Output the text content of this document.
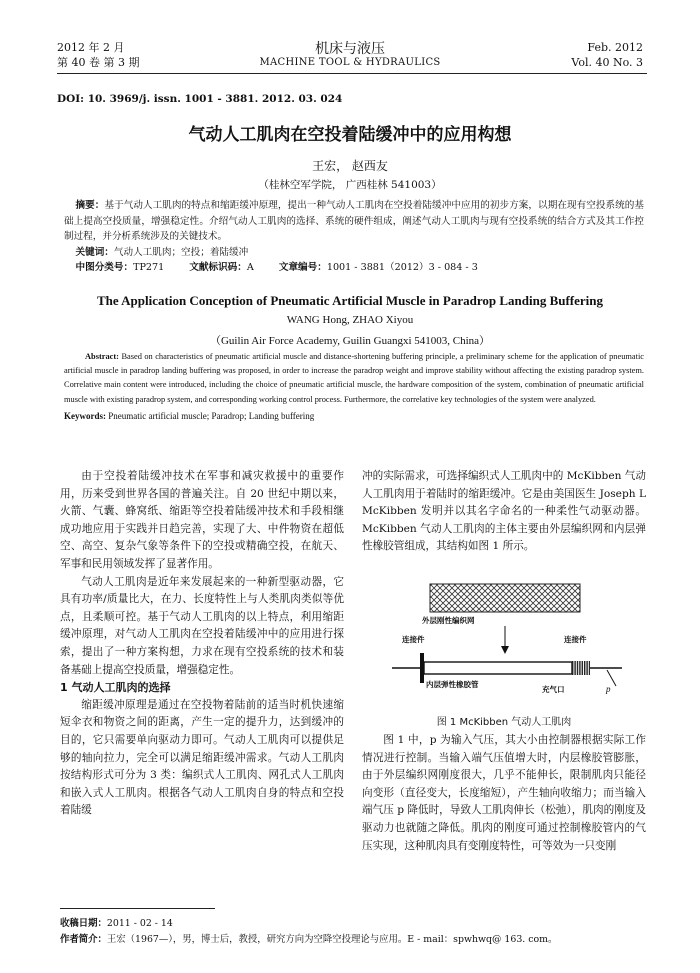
2012 年 2 月
第 40 卷 第 3 期
机床与液压
MACHINE TOOL & HYDRAULICS
Feb. 2012
Vol. 40 No. 3
DOI: 10. 3969/j. issn. 1001 - 3881. 2012. 03. 024
气动人工肌肉在空投着陆缓冲中的应用构想
王宏， 赵西友
（桂林空军学院， 广西桂林 541003）

摘要：基于气动人工肌肉的特点和缩距缓冲原理，提出一种气动人工肌肉在空投着陆缓冲中应用的初步方案，以期在现有空投系统的基础上提高空投质量，增强稳定性。介绍气动人工肌肉的选择、系统的硬件组成，阐述气动人工肌肉与现有空投系统的结合方式及其工作控制过程，并分析系统涉及的关键技术。

关键词：气动人工肌肉；空投；着陆缓冲

中图分类号：TP271	文献标识码：A	文章编号：1001 - 3881（2012）3 - 084 - 3

The Application Conception of Pneumatic Artificial Muscle in Paradrop Landing Buffering
WANG Hong, ZHAO Xiyou
（Guilin Air Force Academy, Guilin Guangxi 541003, China）

Abstract: Based on characteristics of pneumatic artificial muscle and distance-shortening buffering principle, a preliminary scheme for the application of pneumatic artificial muscle in paradrop landing buffering was proposed, in order to increase the paradrop weight and improve stability without affecting the existing paradrop system. Correlative main content were introduced, including the choice of pneumatic artificial muscle, the hardware composition of the system, combination of pneumatic artificial muscle with existing paradrop system, and corresponding working control process. Furthermore, the correlative key technologies of the system were analyzed.

Keywords: Pneumatic artificial muscle; Paradrop; Landing buffering

由于空投着陆缓冲技术在军事和减灾救援中的重要作用，历来受到世界各国的普遍关注。自 20 世纪中期以来，火箭、气囊、蜂窝纸、缩距等空投着陆缓冲技术和手段相继成功地应用于实践并日趋完善，实现了大、中件物资在超低空、高空、复杂气象等条件下的空投或精确空投，在航天、军事和民用领域发挥了显著作用。

气动人工肌肉是近年来发展起来的一种新型驱动器，它具有功率/质量比大，在力、长度特性上与人类肌肉类似等优点，且柔顺可控。基于气动人工肌肉的以上特点，利用缩距缓冲原理，对气动人工肌肉在空投着陆缓冲中的应用进行探索，提出了一种方案构想，力求在现有空投系统的技术和装备基础上提高空投质量，增强稳定性。

1 气动人工肌肉的选择

缩距缓冲原理是通过在空投物着陆前的适当时机快速缩短伞衣和物资之间的距离，产生一定的提升力，达到缓冲的目的，它只需要单向驱动力即可。气动人工肌肉可以提供足够的轴向拉力，完全可以满足缩距缓冲需求。气动人工肌肉按结构形式可分为 3 类：编织式人工肌肉、网孔式人工肌肉和嵌入式人工肌肉。根据各气动人工肌肉自身的特点和空投着陆缓

冲的实际需求，可选择编织式人工肌肉中的 McKibben 气动人工肌肉用于着陆时的缩距缓冲。它是由美国医生 Joseph L McKibben 发明并以其名字命名的一种柔性气动驱动器。McKibben 气动人工肌肉的主体主要由外层编织网和内层弹性橡胶管组成，其结构如图 1 所示。

外层刚性编织网
连接件	连接件
内层弹性橡胶管
充气口	p
图 1 McKibben 气动人工肌肉

图 1 中，p 为输入气压，其大小由控制器根据实际工作情况进行控制。当输入端气压值增大时，内层橡胶管膨胀，由于外层编织网刚度很大，几乎不能伸长，限制肌肉只能径向变形（直径变大，长度缩短），产生轴向收缩力；而当输入端气压 p 降低时，导致人工肌肉伸长（松弛），肌肉的刚度及驱动力也就随之降低。肌肉的刚度可通过控制橡胶管内的气压实现，这种肌肉具有变刚度特性，可等效为一只变刚

收稿日期：2011 - 02 - 14
作者简介：王宏（1967—），男，博士后，教授，研究方向为空降空投理论与应用。E - mail：spwhwq@ 163. com。
